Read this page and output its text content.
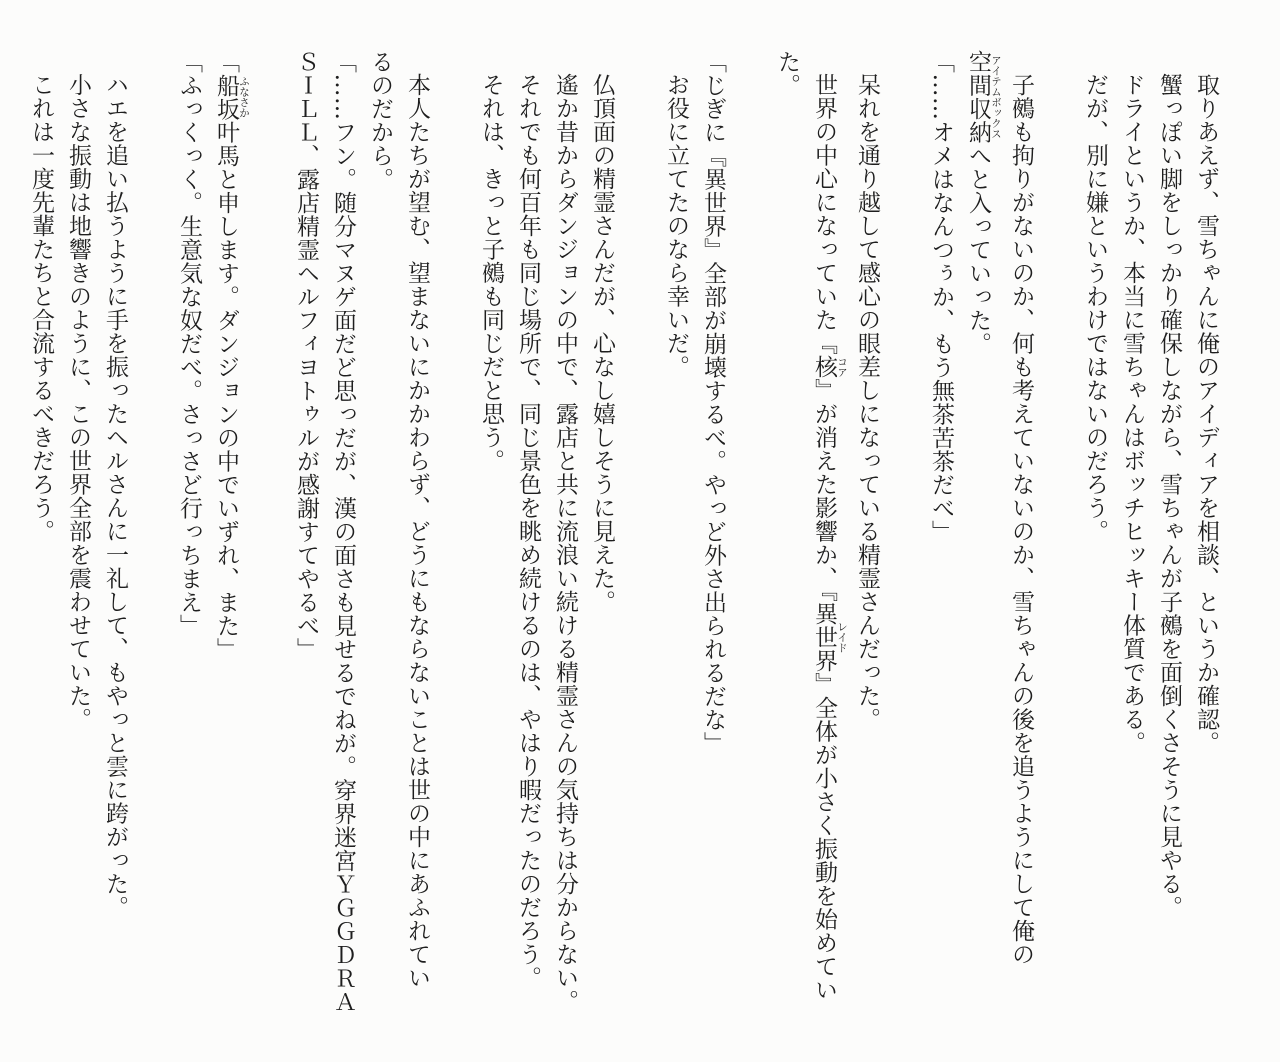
取りあえず、雪ちゃんに俺のアイディアを相談、というか確認。

蟹っぽい脚をしっかり確保しながら、雪ちゃんが子鵺を面倒くさそうに見やる。

ドライというか、本当に雪ちゃんはボッチヒッキー体質である。

だが、別に嫌というわけではないのだろう。

子鵺も拘りがないのか、何も考えていないのか、雪ちゃんの後を追うようにして俺の

空間収納 アイテムボックスへと入っていった。

「……オメはなんつぅか、もう無茶苦茶だべ」

呆れを通り越して感心の眼差しになっている精霊さんだった。

世界の中心になっていた『核 コア』が消えた影響か、『異世界 レイド』全体が小さく振動を始めてい

た。

「じぎに『異世界』全部が崩壊するべ。やっど外さ出られるだな」

お役に立てたのなら幸いだ。

仏頂面の精霊さんだが、心なし嬉しそうに見えた。

遙か昔からダンジョンの中で、露店と共に流浪い続ける精霊さんの気持ちは分からない。

それでも何百年も同じ場所で、同じ景色を眺め続けるのは、やはり暇だったのだろう。

それは、きっと子鵺も同じだと思う。

本人たちが望む、望まないにかかわらず、どうにもならないことは世の中にあふれてい

るのだから。

「……フン。随分マヌゲ面だど思っだが、漢の面さも見せるでねが。穿界迷宮ＹＧＧＤＲＡ

ＳＩＬＬ、露店精霊ヘルフィヨトゥルが感謝すてやるべ」

「船坂 ふなさか叶馬と申します。ダンジョンの中でいずれ、また」

「ふっくっく。生意気な奴だべ。さっさど行っちまえ」

ハエを追い払うように手を振ったヘルさんに一礼して、もやっと雲に跨がった。

小さな振動は地響きのように、この世界全部を震わせていた。

これは一度先輩たちと合流するべきだろう。
